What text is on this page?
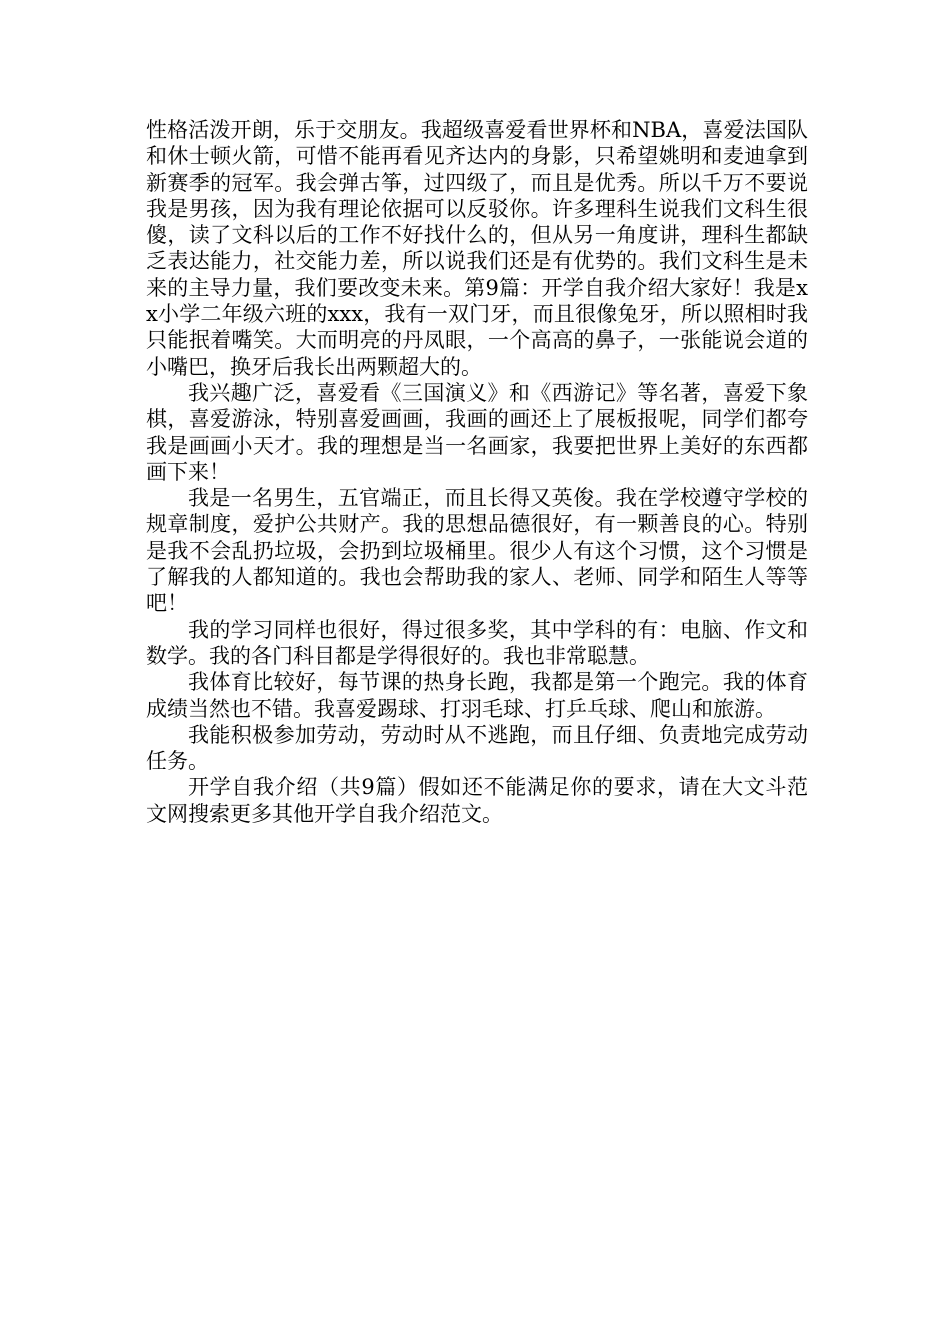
性格活泼开朗，乐于交朋友。我超级喜爱看世界杯和NBA，喜爱法国队和休士顿火箭，可惜不能再看见齐达内的身影，只希望姚明和麦迪拿到新赛季的冠军。我会弹古筝，过四级了，而且是优秀。所以千万不要说我是男孩，因为我有理论依据可以反驳你。许多理科生说我们文科生很傻，读了文科以后的工作不好找什么的，但从另一角度讲，理科生都缺乏表达能力，社交能力差，所以说我们还是有优势的。我们文科生是未来的主导力量，我们要改变未来。第9篇：开学自我介绍大家好！我是xx小学二年级六班的xxx，我有一双门牙，而且很像兔牙，所以照相时我只能抿着嘴笑。大而明亮的丹凤眼，一个高高的鼻子，一张能说会道的小嘴巴，换牙后我长出两颗超大的。

我兴趣广泛，喜爱看《三国演义》和《西游记》等名著，喜爱下象棋，喜爱游泳，特别喜爱画画，我画的画还上了展板报呢，同学们都夸我是画画小天才。我的理想是当一名画家，我要把世界上美好的东西都画下来！

我是一名男生，五官端正，而且长得又英俊。我在学校遵守学校的规章制度，爱护公共财产。我的思想品德很好，有一颗善良的心。特别是我不会乱扔垃圾，会扔到垃圾桶里。很少人有这个习惯，这个习惯是了解我的人都知道的。我也会帮助我的家人、老师、同学和陌生人等等吧！

我的学习同样也很好，得过很多奖，其中学科的有：电脑、作文和数学。我的各门科目都是学得很好的。我也非常聪慧。

我体育比较好，每节课的热身长跑，我都是第一个跑完。我的体育成绩当然也不错。我喜爱踢球、打羽毛球、打乒乓球、爬山和旅游。

我能积极参加劳动，劳动时从不逃跑，而且仔细、负责地完成劳动任务。

开学自我介绍（共9篇）假如还不能满足你的要求，请在大文斗范文网搜索更多其他开学自我介绍范文。
